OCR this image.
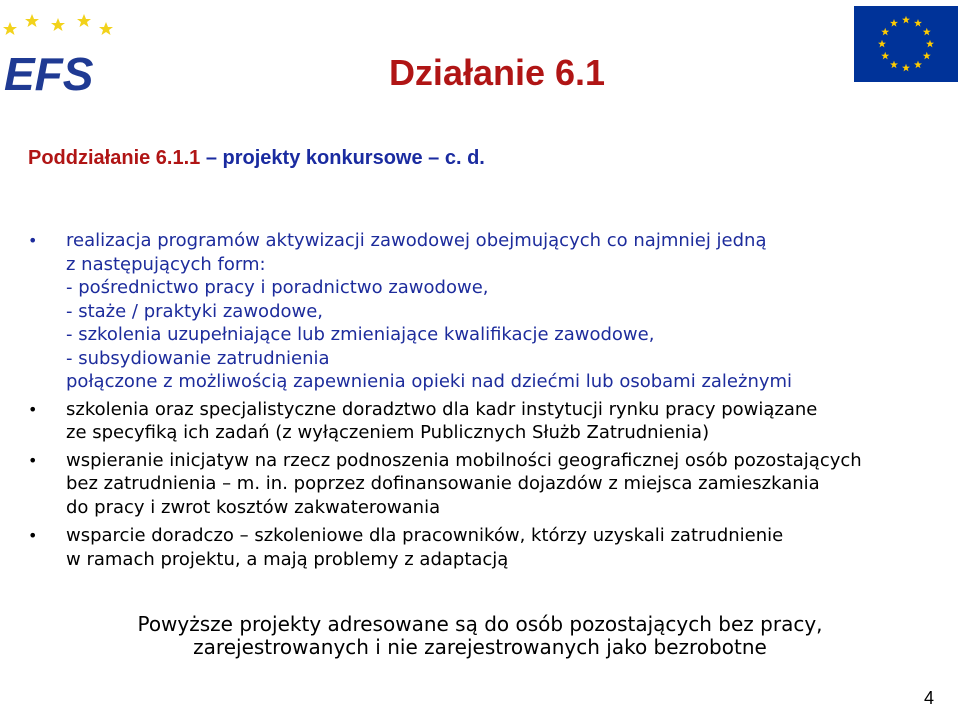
EFS	Działanie 6.1
Poddziałanie 6.1.1 – projekty konkursowe – c. d.
•	realizacja programów aktywizacji zawodowej obejmujących co najmniej jedną
z następujących form:
- pośrednictwo pracy i poradnictwo zawodowe,
- staże / praktyki zawodowe,
- szkolenia uzupełniające lub zmieniające kwalifikacje zawodowe,
- subsydiowanie zatrudnienia
połączone z możliwością zapewnienia opieki nad dziećmi lub osobami zależnymi
•	szkolenia oraz specjalistyczne doradztwo dla kadr instytucji rynku pracy powiązane
ze specyfiką ich zadań (z wyłączeniem Publicznych Służb Zatrudnienia)
•	wspieranie inicjatyw na rzecz podnoszenia mobilności geograficznej osób pozostających
bez zatrudnienia – m. in. poprzez dofinansowanie dojazdów z miejsca zamieszkania
do pracy i zwrot kosztów zakwaterowania
•	wsparcie doradczo – szkoleniowe dla pracowników, którzy uzyskali zatrudnienie
w ramach projektu, a mają problemy z adaptacją
Powyższe projekty adresowane są do osób pozostających bez pracy,
zarejestrowanych i nie zarejestrowanych jako bezrobotne
4
